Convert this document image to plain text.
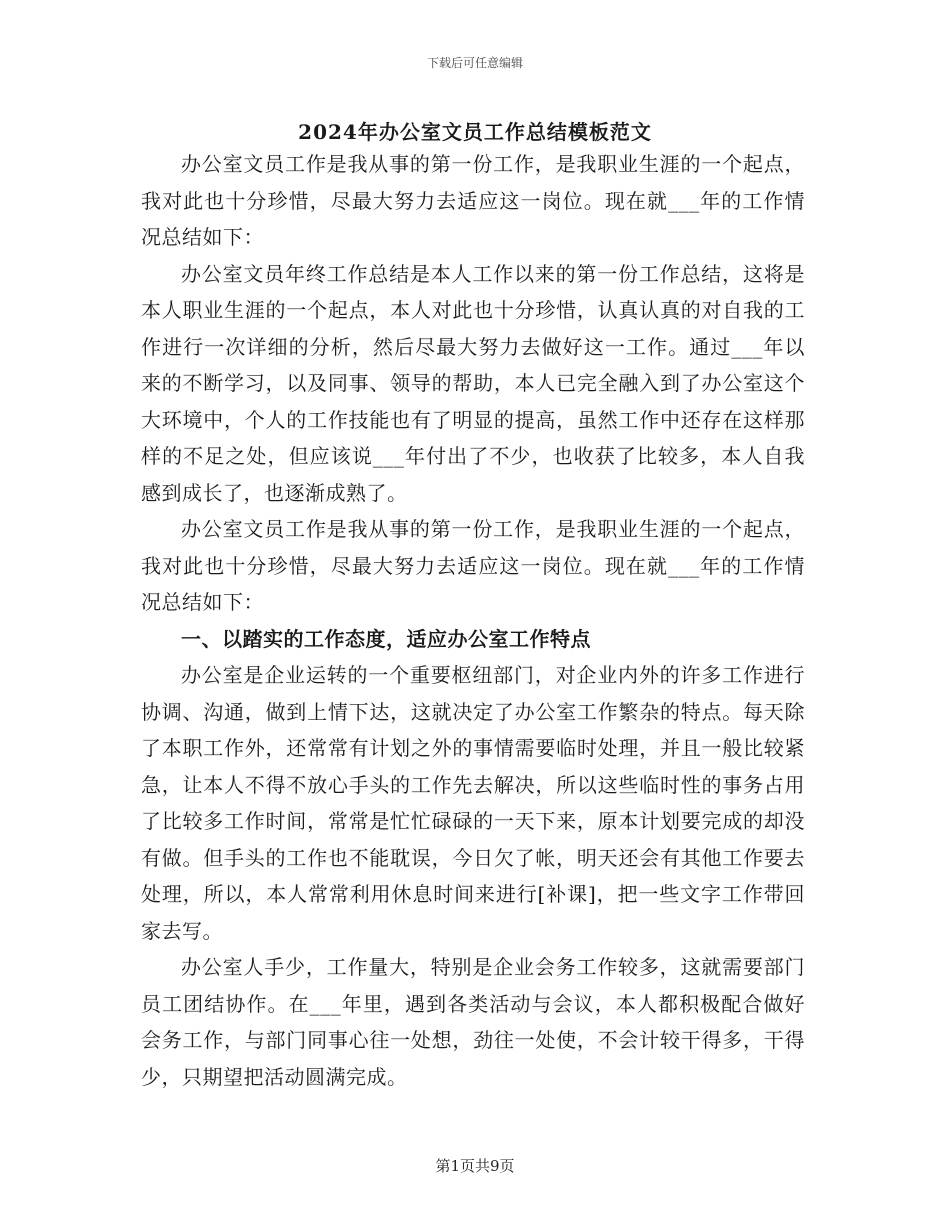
下载后可任意编辑
2024年办公室文员工作总结模板范文

办公室文员工作是我从事的第一份工作，是我职业生涯的一个起点，我对此也十分珍惜，尽最大努力去适应这一岗位。现在就___年的工作情况总结如下：

办公室文员年终工作总结是本人工作以来的第一份工作总结，这将是本人职业生涯的一个起点，本人对此也十分珍惜，认真认真的对自我的工作进行一次详细的分析，然后尽最大努力去做好这一工作。通过___年以来的不断学习，以及同事、领导的帮助，本人已完全融入到了办公室这个大环境中，个人的工作技能也有了明显的提高，虽然工作中还存在这样那样的不足之处，但应该说___年付出了不少，也收获了比较多，本人自我感到成长了，也逐渐成熟了。

办公室文员工作是我从事的第一份工作，是我职业生涯的一个起点，我对此也十分珍惜，尽最大努力去适应这一岗位。现在就___年的工作情况总结如下：

一、以踏实的工作态度，适应办公室工作特点

办公室是企业运转的一个重要枢纽部门，对企业内外的许多工作进行协调、沟通，做到上情下达，这就决定了办公室工作繁杂的特点。每天除了本职工作外，还常常有计划之外的事情需要临时处理，并且一般比较紧急，让本人不得不放心手头的工作先去解决，所以这些临时性的事务占用了比较多工作时间，常常是忙忙碌碌的一天下来，原本计划要完成的却没有做。但手头的工作也不能耽误，今日欠了帐，明天还会有其他工作要去处理，所以，本人常常利用休息时间来进行[补课]，把一些文字工作带回家去写。

办公室人手少，工作量大，特别是企业会务工作较多，这就需要部门员工团结协作。在___年里，遇到各类活动与会议，本人都积极配合做好会务工作，与部门同事心往一处想，劲往一处使，不会计较干得多，干得少，只期望把活动圆满完成。

第1页共9页
